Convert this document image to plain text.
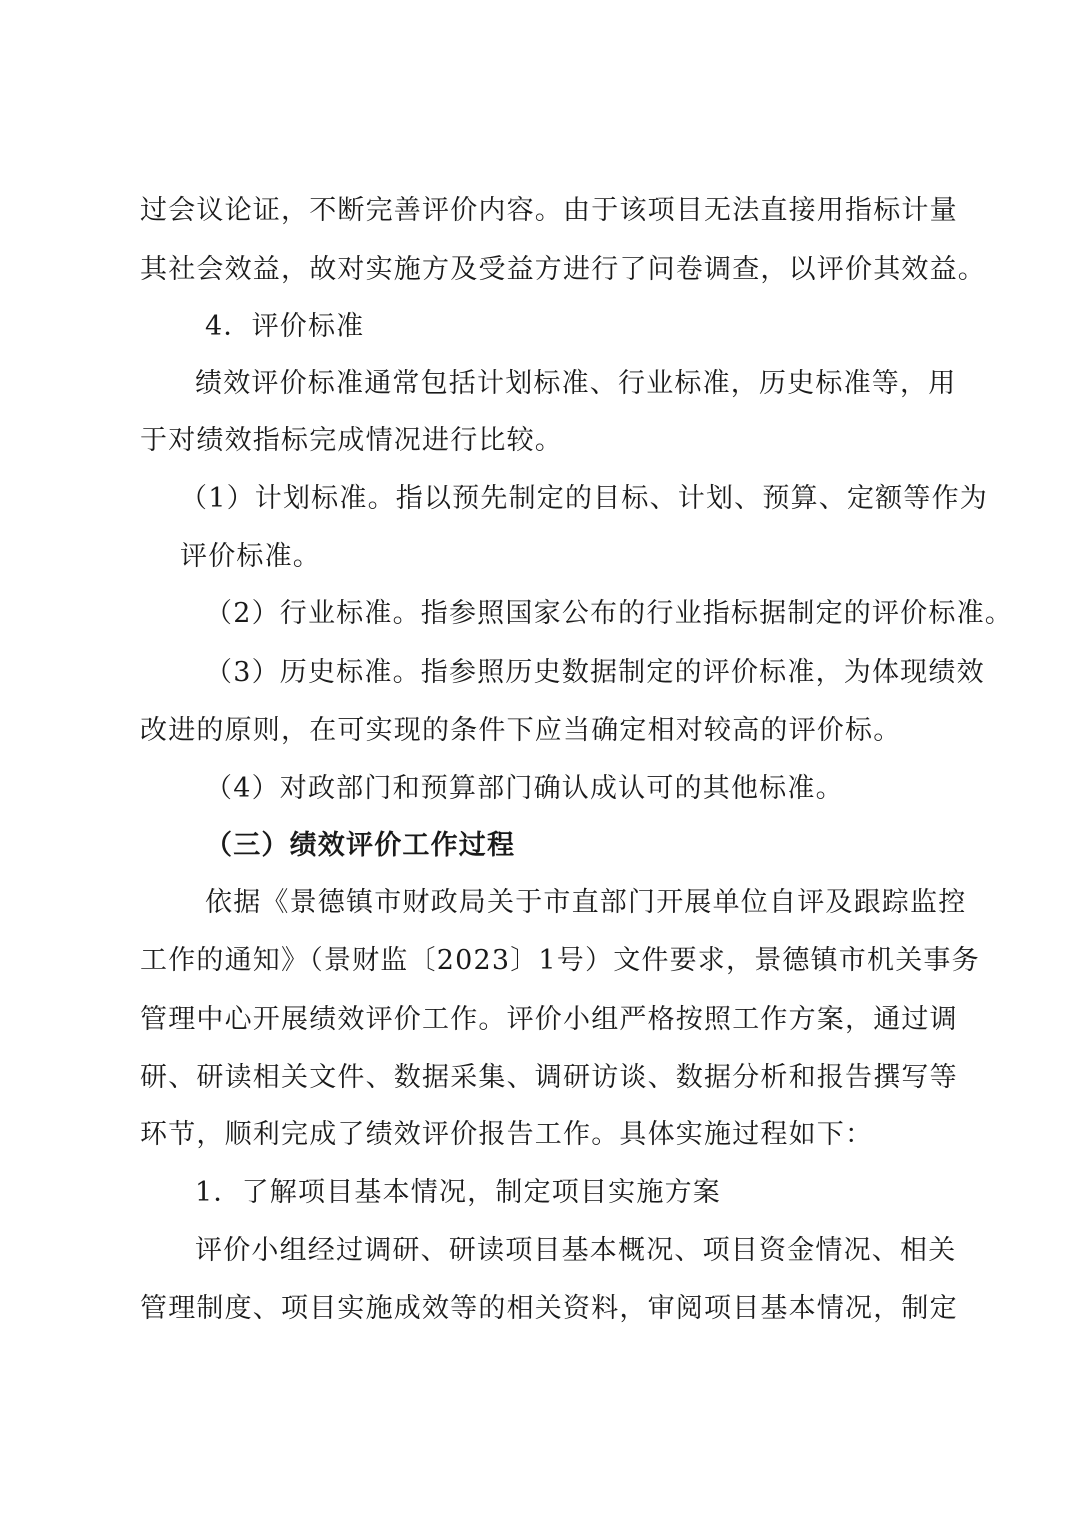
过会议论证，不断完善评价内容。由于该项目无法直接用指标计量
其社会效益，故对实施方及受益方进行了问卷调查，以评价其效益。
4．评价标准
绩效评价标准通常包括计划标准、行业标准，历史标准等，用
于对绩效指标完成情况进行比较。
（1）计划标准。指以预先制定的目标、计划、预算、定额等作为
评价标准。
（2）行业标准。指参照国家公布的行业指标据制定的评价标准。
（3）历史标准。指参照历史数据制定的评价标准，为体现绩效
改进的原则，在可实现的条件下应当确定相对较高的评价标。
（4）对政部门和预算部门确认成认可的其他标准。
（三）绩效评价工作过程
依据《景德镇市财政局关于市直部门开展单位自评及跟踪监控
工作的通知》（景财监〔2023〕1号）文件要求，景德镇市机关事务
管理中心开展绩效评价工作。评价小组严格按照工作方案，通过调
研、研读相关文件、数据采集、调研访谈、数据分析和报告撰写等
环节，顺利完成了绩效评价报告工作。具体实施过程如下：
1．了解项目基本情况，制定项目实施方案
评价小组经过调研、研读项目基本概况、项目资金情况、相关
管理制度、项目实施成效等的相关资料，审阅项目基本情况，制定
